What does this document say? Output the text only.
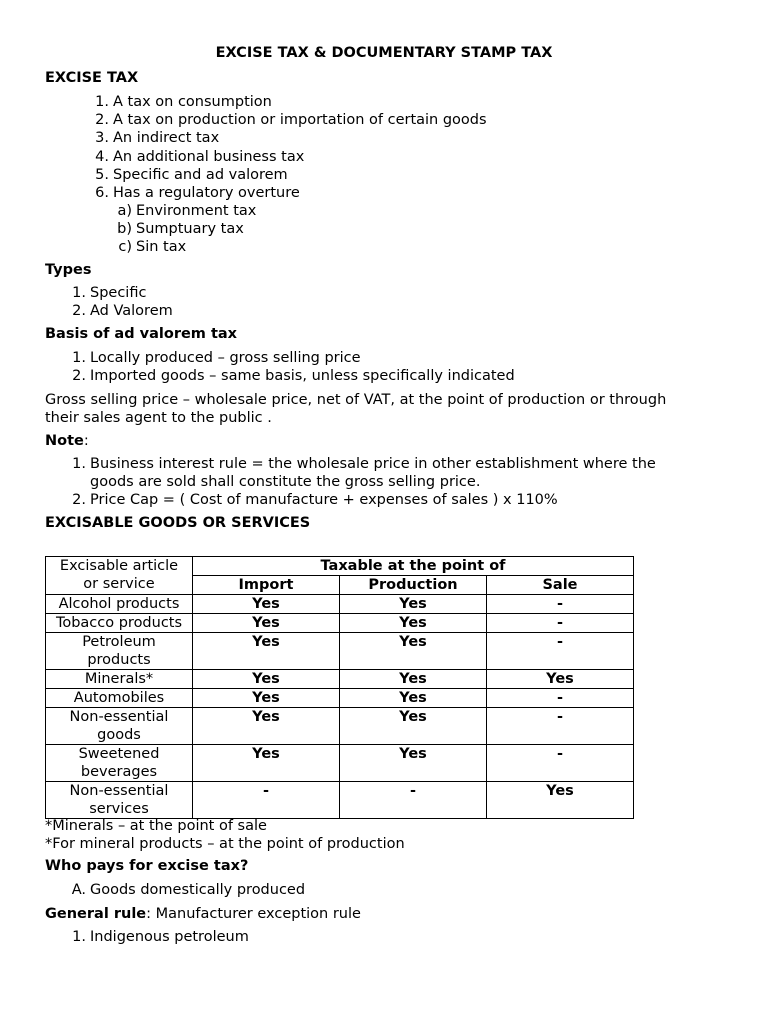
EXCISE TAX & DOCUMENTARY STAMP TAX
EXCISE TAX
1. A tax on consumption
2. A tax on production or importation of certain goods
3. An indirect tax
4. An additional business tax
5. Specific and ad valorem
6. Has a regulatory overture
a) Environment tax
b) Sumptuary tax
c) Sin tax
Types
1. Specific
2. Ad Valorem
Basis of ad valorem tax
1. Locally produced – gross selling price
2. Imported goods – same basis, unless specifically indicated
Gross selling price – wholesale price, net of VAT, at the point of production or through
their sales agent to the public .
Note:
1. Business interest rule = the wholesale price in other establishment where the
goods are sold shall constitute the gross selling price.
2. Price Cap = ( Cost of manufacture + expenses of sales ) x 110%
EXCISABLE GOODS OR SERVICES
Excisable article
or service	Taxable at the point of		
	Import	Production	Sale
Alcohol products	Yes	Yes	-
Tobacco products	Yes	Yes	-
Petroleum
products	Yes	Yes	-
Minerals*	Yes	Yes	Yes
Automobiles	Yes	Yes	-
Non-essential
goods	Yes	Yes	-
Sweetened
beverages	Yes	Yes	-
Non-essential
services	-	-	Yes
*Minerals – at the point of sale
*For mineral products – at the point of production
Who pays for excise tax?
A. Goods domestically produced
General rule: Manufacturer exception rule
1. Indigenous petroleum
